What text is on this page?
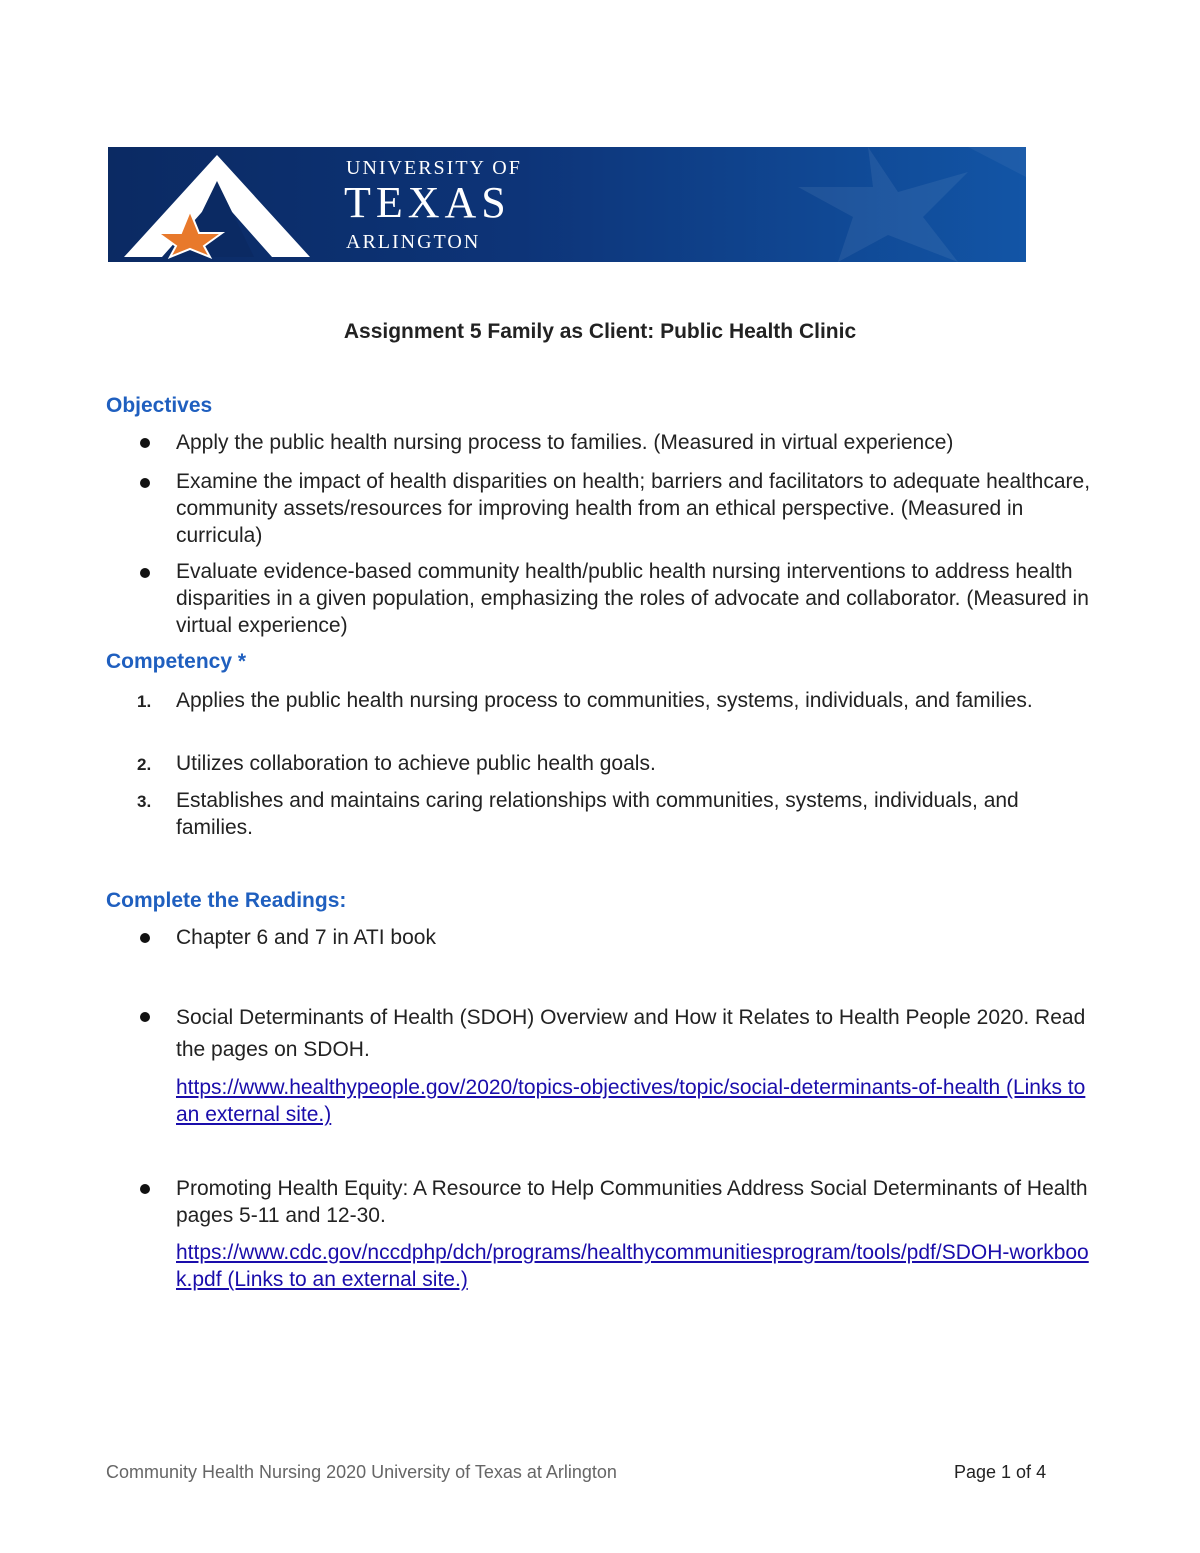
UNIVERSITY OF
TEXAS
ARLINGTON
Assignment 5 Family as Client: Public Health Clinic
Objectives
Apply the public health nursing process to families. (Measured in virtual experience)
Examine the impact of health disparities on health; barriers and facilitators to adequate healthcare, community assets/resources for improving health from an ethical perspective. (Measured in curricula)
Evaluate evidence-based community health/public health nursing interventions to address health disparities in a given population, emphasizing the roles of advocate and collaborator. (Measured in virtual experience)
Competency *
1. Applies the public health nursing process to communities, systems, individuals, and families.
2. Utilizes collaboration to achieve public health goals.
3. Establishes and maintains caring relationships with communities, systems, individuals, and families.
Complete the Readings:
Chapter 6 and 7 in ATI book
Social Determinants of Health (SDOH) Overview and How it Relates to Health People 2020. Read the pages on SDOH.
https://www.healthypeople.gov/2020/topics-objectives/topic/social-determinants-of-health (Links to an external site.)
Promoting Health Equity: A Resource to Help Communities Address Social Determinants of Health pages 5-11 and 12-30.
https://www.cdc.gov/nccdphp/dch/programs/healthycommunitiesprogram/tools/pdf/SDOH-workbook.pdf (Links to an external site.)
Community Health Nursing 2020 University of Texas at Arlington	Page 1 of 4
